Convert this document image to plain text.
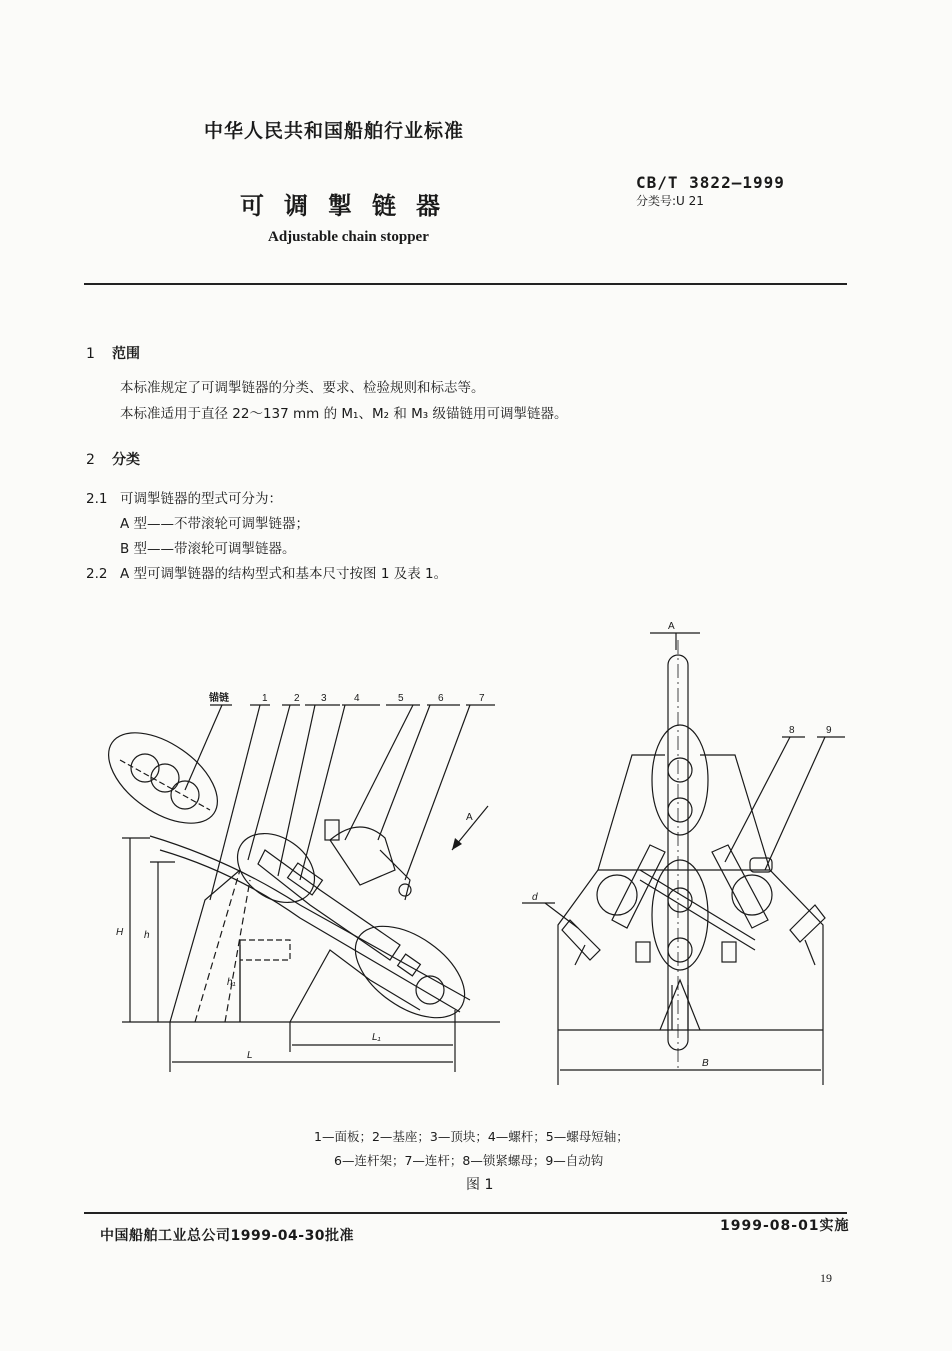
中华人民共和国船舶行业标准
可调掣链器
Adjustable chain stopper
CB/T 3822—1999
分类号:U 21
1 范围
本标准规定了可调掣链器的分类、要求、检验规则和标志等。
本标准适用于直径 22～137 mm 的 M₁、M₂ 和 M₃ 级锚链用可调掣链器。
2 分类
2.1 可调掣链器的型式可分为：
A 型——不带滚轮可调掣链器；
B 型——带滚轮可调掣链器。
2.2 A 型可调掣链器的结构型式和基本尺寸按图 1 及表 1。
锚链	1	2 3	4	5	6	7
8	9
H h
h₁
L
L₁
A
A
d
B
1—面板；2—基座；3—顶块；4—螺杆；5—螺母短轴；
6—连杆架；7—连杆；8—锁紧螺母；9—自动钩
图 1
中国船舶工业总公司1999-04-30批准
1999-08-01实施
19
